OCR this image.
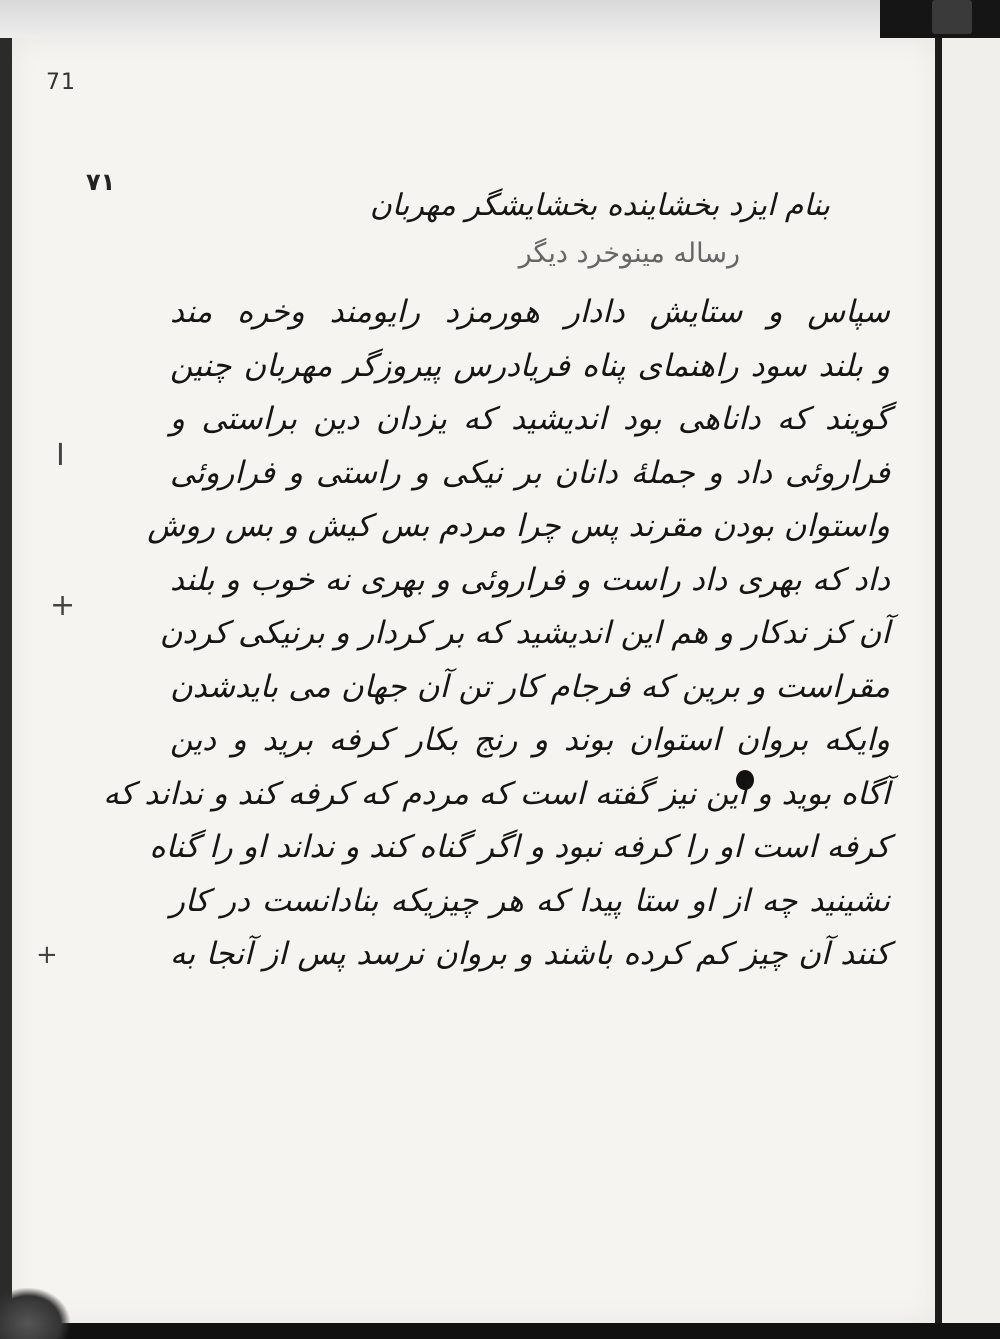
71
۷۱
I
+
+
بنام ایزد بخشاینده بخشایشگر مهربان
رساله مینوخرد دیگر
سپاس و ستایش دادار هورمزد رایومند وخره مند
و بلند سود راهنمای پناه فریادرس پیروزگر مهربان چنین
گویند که داناهی بود اندیشید که یزدان دین براستی و
فراروئی داد و جملهٔ دانان بر نیکی و راستی و فراروئی
واستوان بودن مقرند پس چرا مردم بس کیش و بس روش
داد که بهری داد راست و فراروئی و بهری نه خوب و بلند
آن کز ندکار و هم این اندیشید که بر کردار و برنیکی کردن
مقراست و برین که فرجام کار تن آن جهان می بایدشدن
وایکه بروان استوان بوند و رنج بکار کرفه برید و دین
آگاه بوید و این نیز گفته است که مردم که کرفه کند و نداند که
کرفه است او را کرفه نبود و اگر گناه کند و نداند او را گناه
نشینید چه از او ستا پیدا که هر چیزیکه بنادانست در کار
کنند آن چیز کم کرده باشند و بروان نرسد پس از آنجا به
